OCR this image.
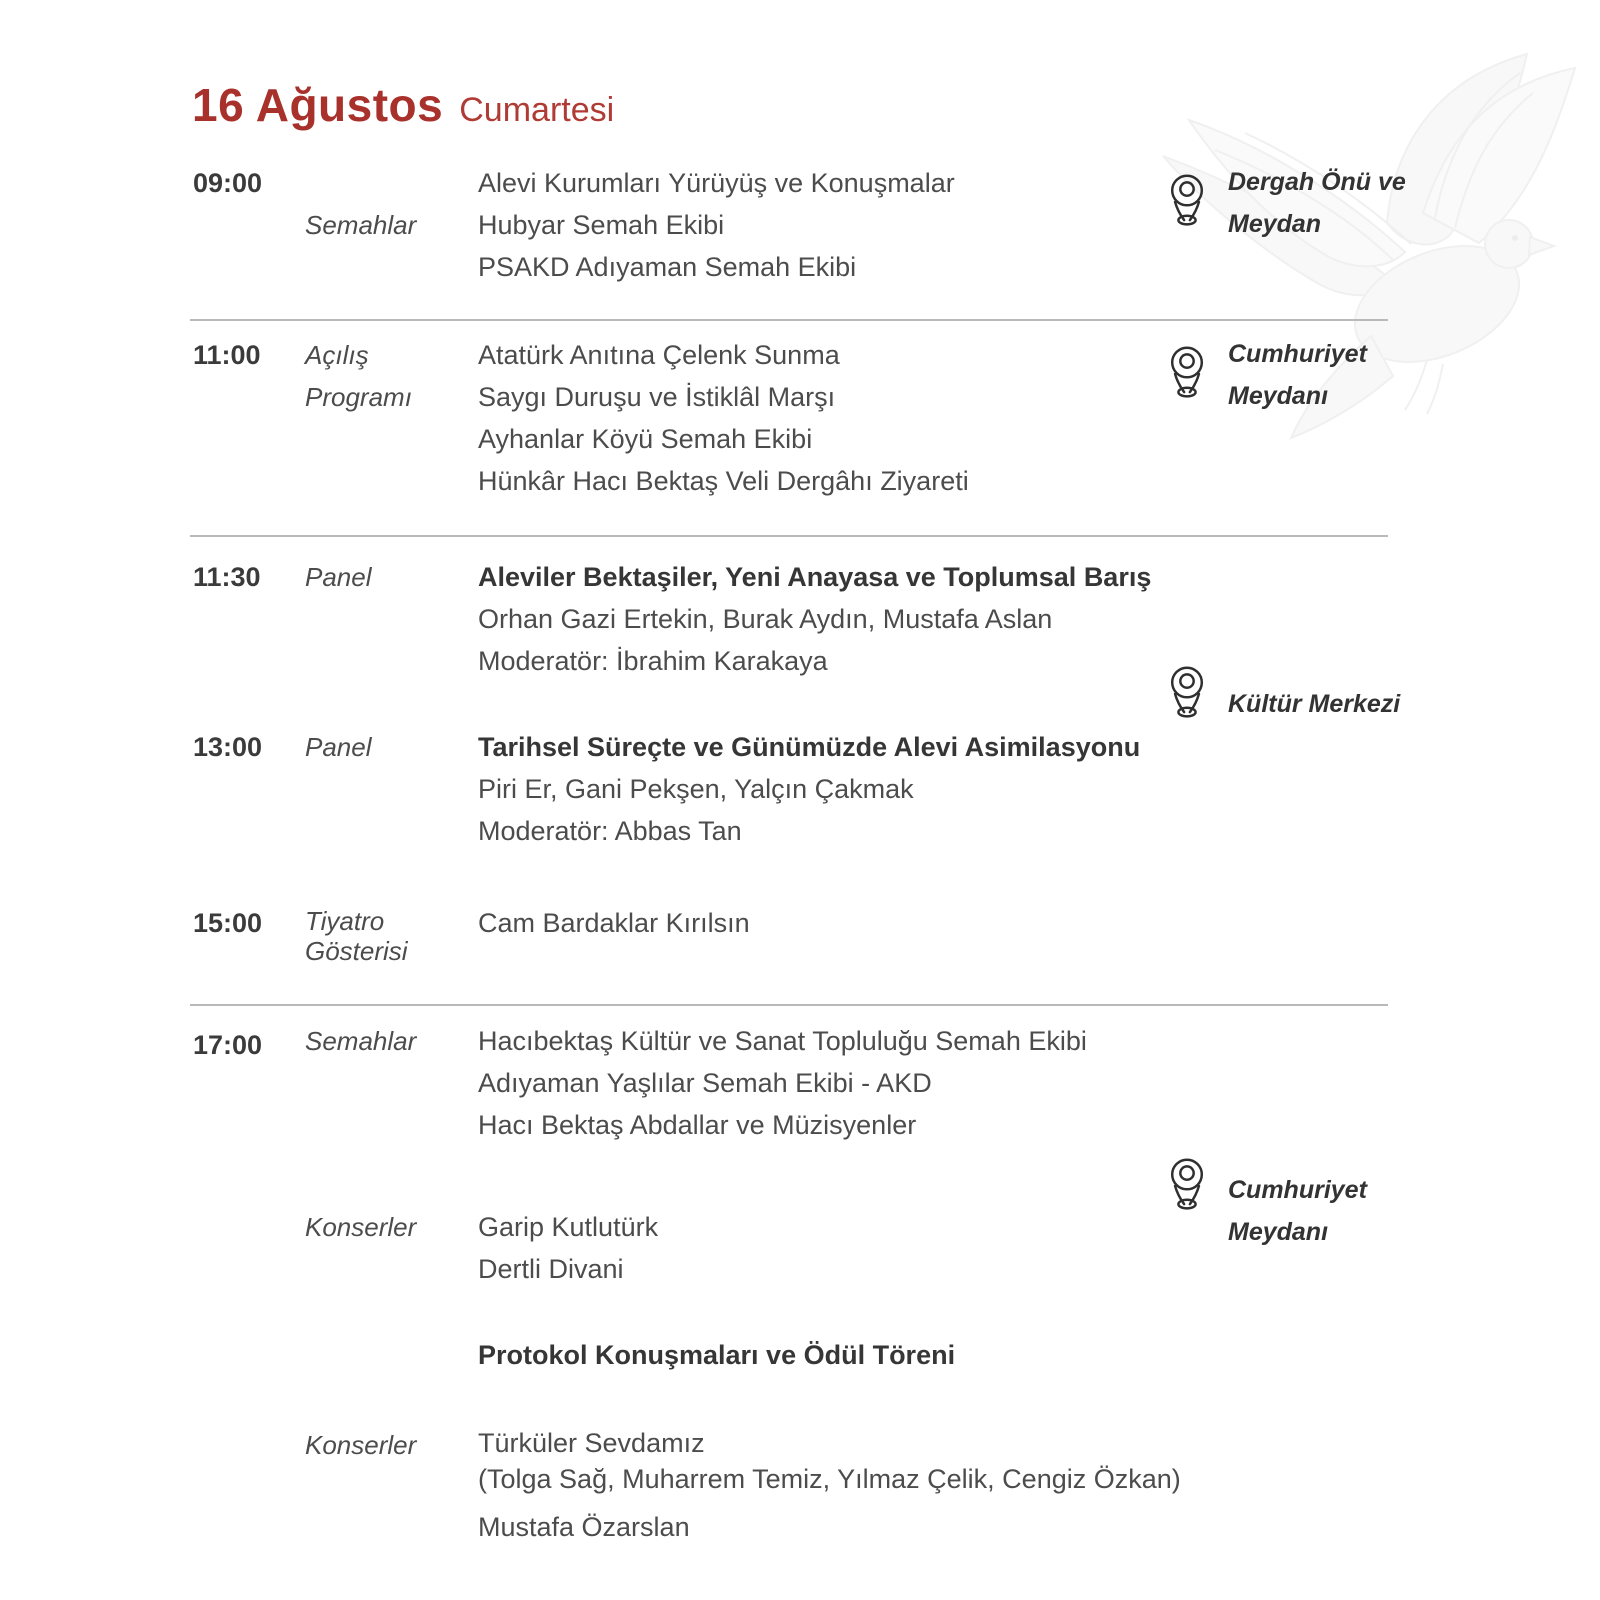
16 Ağustos Cumartesi
09:00
Semahlar
Alevi Kurumları Yürüyüş ve Konuşmalar
Hubyar Semah Ekibi
PSAKD Adıyaman Semah Ekibi
Dergah Önü ve
Meydan
11:00 Açılış
Programı
Atatürk Anıtına Çelenk Sunma
Saygı Duruşu ve İstiklâl Marşı
Ayhanlar Köyü Semah Ekibi
Hünkâr Hacı Bektaş Veli Dergâhı Ziyareti
Cumhuriyet
Meydanı
11:30 Panel	Aleviler Bektaşiler, Yeni Anayasa ve Toplumsal Barış
Orhan Gazi Ertekin, Burak Aydın, Mustafa Aslan
Moderatör: İbrahim Karakaya
Kültür Merkezi
13:00 Panel	Tarihsel Süreçte ve Günümüzde Alevi Asimilasyonu
Piri Er, Gani Pekşen, Yalçın Çakmak
Moderatör: Abbas Tan
15:00 Tiyatro
Gösterisi
Cam Bardaklar Kırılsın
17:00 Semahlar Hacıbektaş Kültür ve Sanat Topluluğu Semah Ekibi
Adıyaman Yaşlılar Semah Ekibi - AKD
Hacı Bektaş Abdallar ve Müzisyenler
Cumhuriyet
Meydanı
Konserler Garip Kutlutürk
Dertli Divani
Protokol Konuşmaları ve Ödül Töreni
Konserler Türküler Sevdamız
(Tolga Sağ, Muharrem Temiz, Yılmaz Çelik, Cengiz Özkan)
Mustafa Özarslan
